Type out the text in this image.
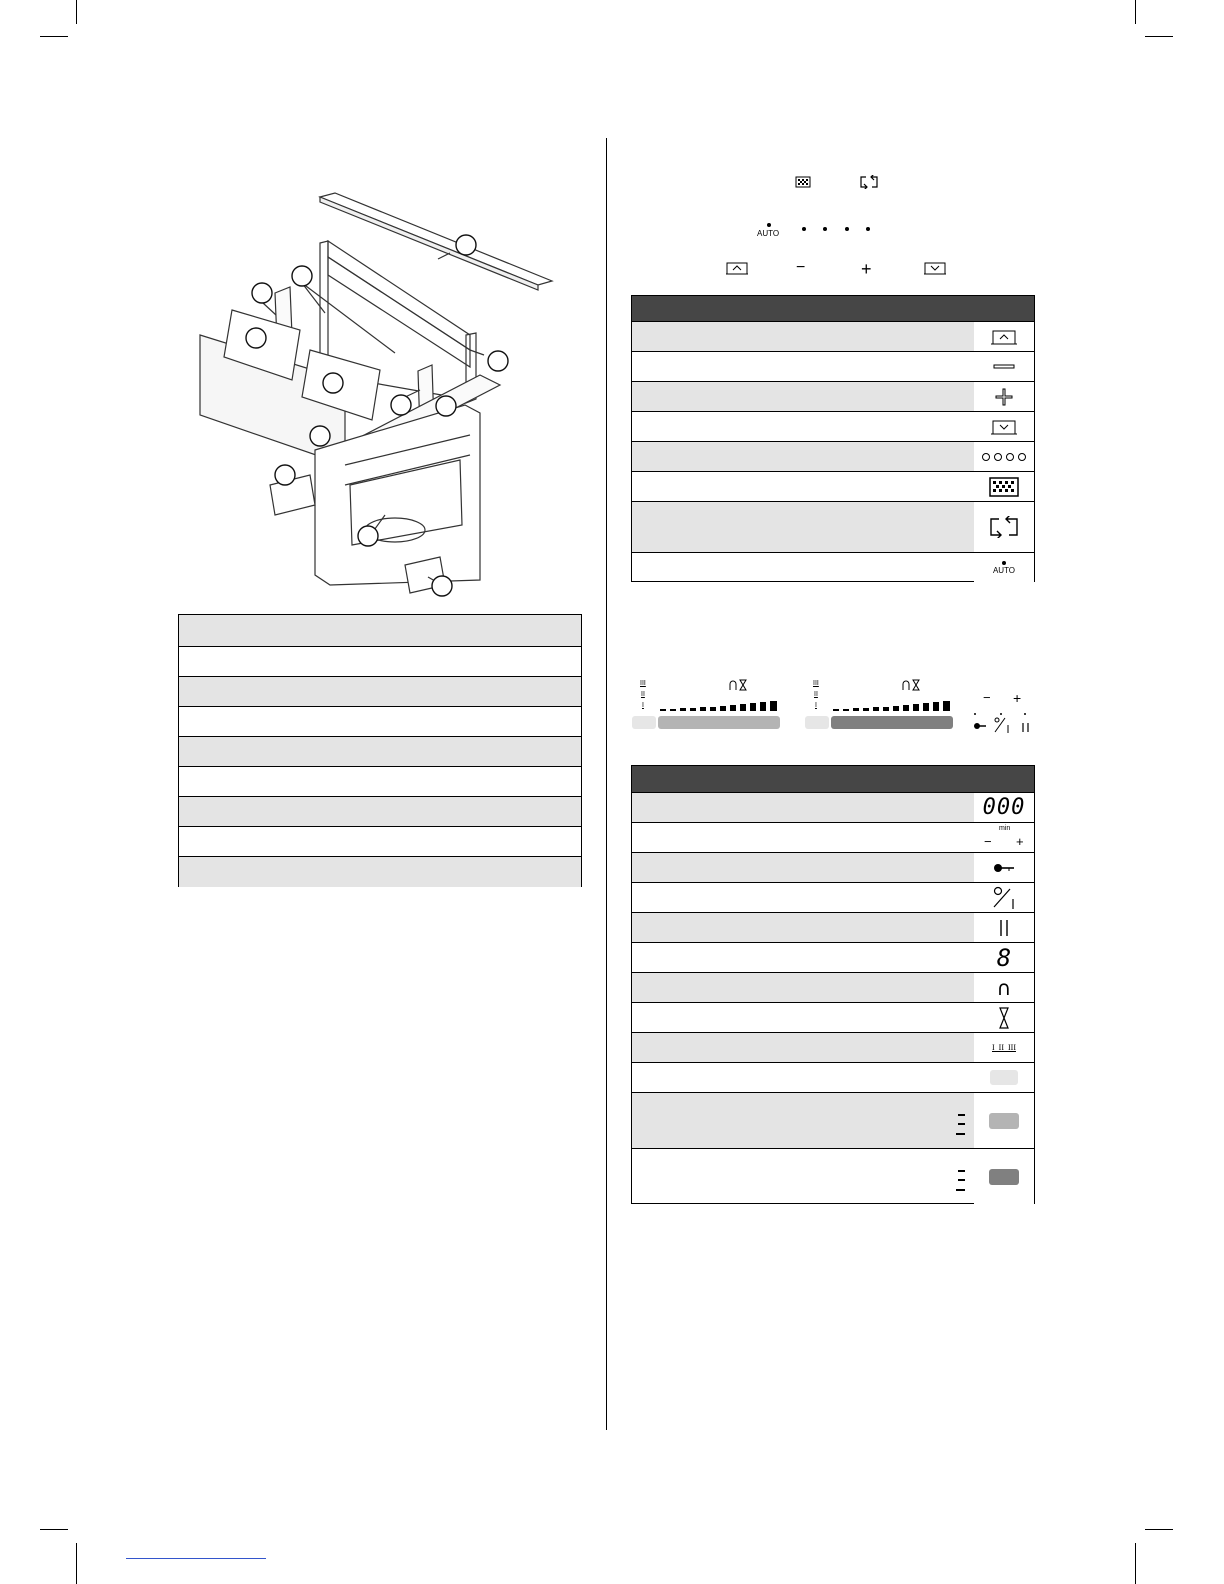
AUTO
−	+
AUTO
III
II
I
III
II
I
− +
000
min
− +
8
∩
I II III
